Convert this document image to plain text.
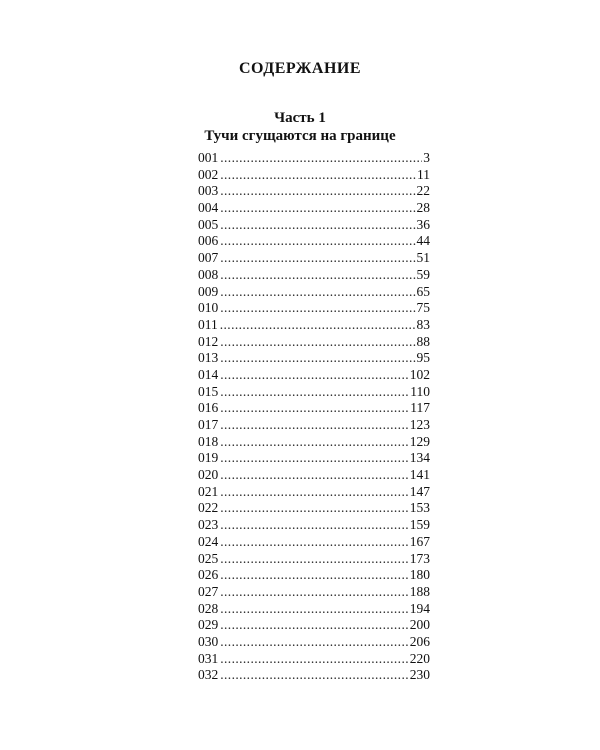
СОДЕРЖАНИЕ
Часть 1
Тучи сгущаются на границе
001 .....	3
002 .....	11
003 .....	22
004 .....	28
005 .....	36
006 .....	44
007 .....	51
008 .....	59
009 .....	65
010 .....	75
011 .....	83
012 .....	88
013 .....	95
014 .....	102
015 .....	110
016 .....	117
017 .....	123
018 .....	129
019 .....	134
020 .....	141
021 .....	147
022 .....	153
023 .....	159
024 .....	167
025 .....	173
026 .....	180
027 .....	188
028 .....	194
029 .....	200
030 .....	206
031 .....	220
032 .....	230
